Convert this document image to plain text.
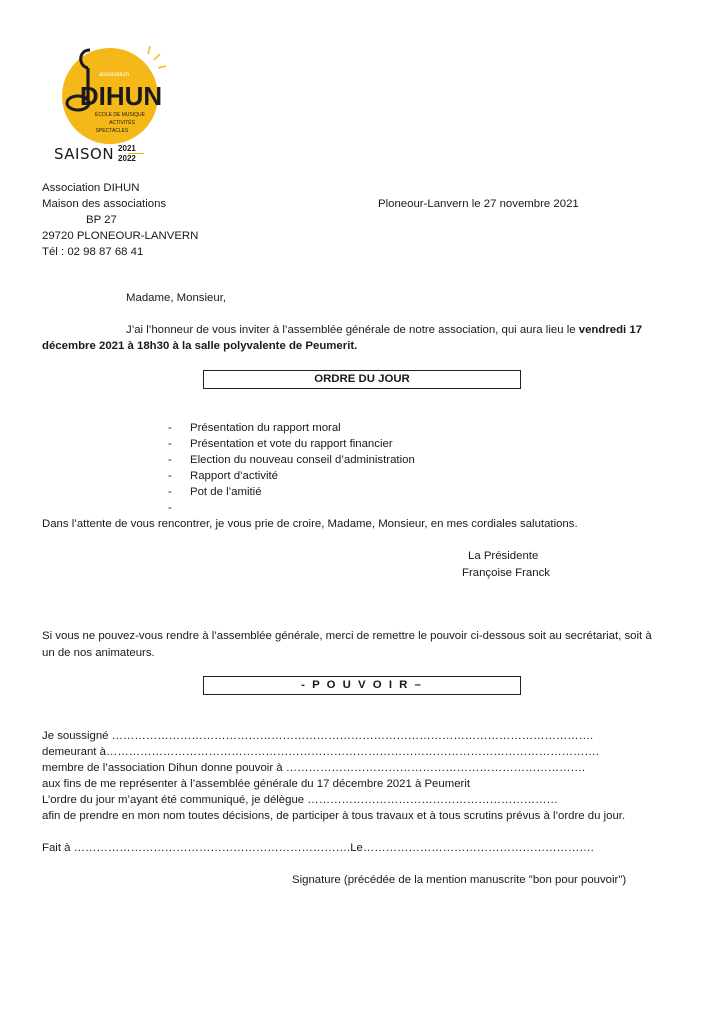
association
DIHUN
ÉCOLE DE MUSIQUE
ACTIVITÉS
SPECTACLES
SAISON 2021
2022
Association DIHUN
Maison des associations
BP 27
29720 PLONEOUR-LANVERN
Tél : 02 98 87 68 41
Ploneour-Lanvern le 27 novembre 2021
Madame, Monsieur,
J’ai l’honneur de vous inviter à l’assemblée générale de notre association, qui aura lieu le vendredi 17
décembre 2021 à 18h30 à la salle polyvalente de Peumerit.
ORDRE DU JOUR
- Présentation du rapport moral
- Présentation et vote du rapport financier
- Election du nouveau conseil d’administration
- Rapport d’activité
- Pot de l’amitié
-
Dans l’attente de vous rencontrer, je vous prie de croire, Madame, Monsieur, en mes cordiales salutations.
La Présidente
Françoise Franck
Si vous ne pouvez-vous rendre à l’assemblée générale, merci de remettre le pouvoir ci-dessous soit au secrétariat, soit à
un de nos animateurs.
- P O U V O I R –
Je soussigné ……………………………………………………………………………………………………………….
demeurant à………………………………………………………………………………………………………………….
membre de l’association Dihun donne pouvoir à …………………………………………………………………….
aux fins de me représenter à l’assemblée générale du 17 décembre 2021 à Peumerit
L’ordre du jour m’ayant été communiqué, je délègue …………………………………………………………
afin de prendre en mon nom toutes décisions, de participer à tous travaux et à tous scrutins prévus à l’ordre du jour.
Fait à ……………………………………………………………….Le…………………………………………………….
Signature (précédée de la mention manuscrite "bon pour pouvoir")
